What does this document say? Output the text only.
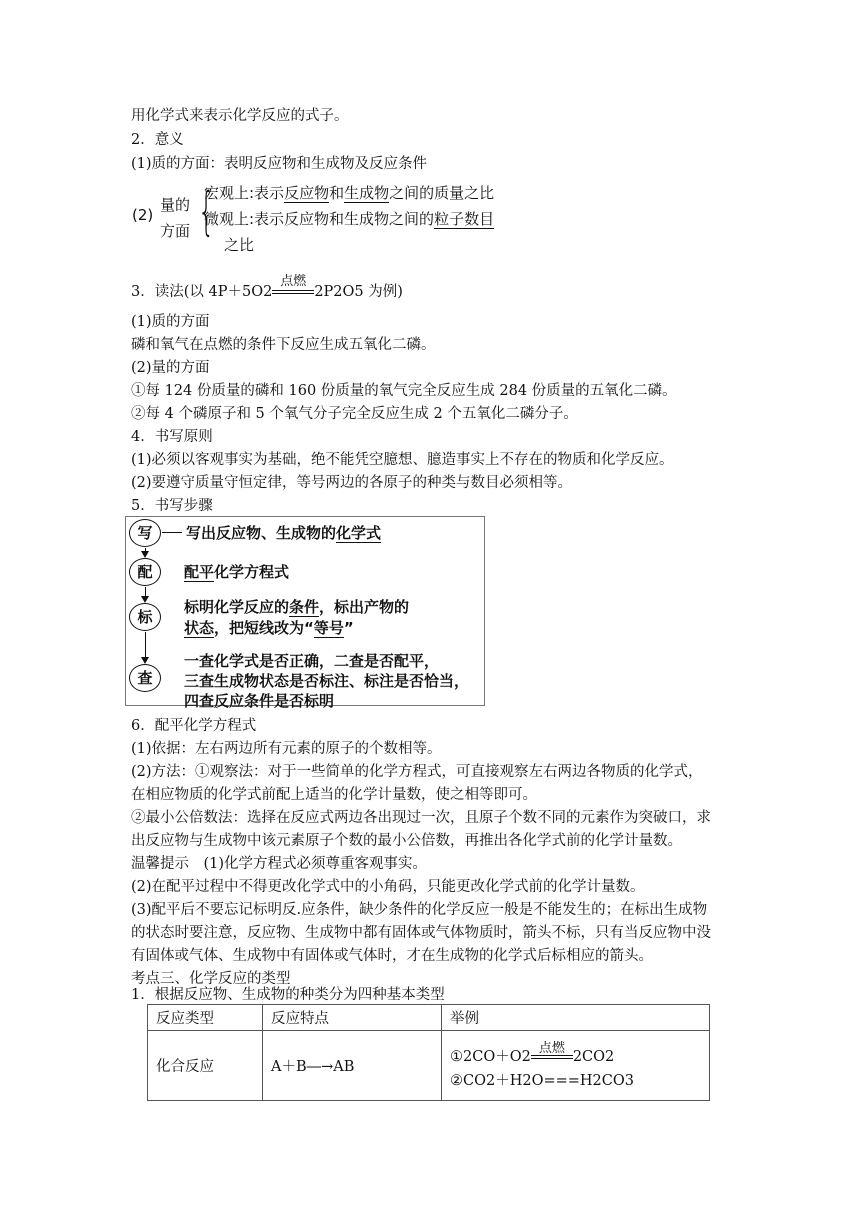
用化学式来表示化学反应的式子。
2．意义
(1)质的方面：表明反应物和生成物及反应条件
(2)
量的
方面 {
宏观上:表示反应物和生成物之间的质量之比
微观上:表示反应物和生成物之间的粒子数目
之比
3．读法(以 4P＋5O2
点燃
2P2O5 为例)
(1)质的方面
磷和氧气在点燃的条件下反应生成五氧化二磷。
(2)量的方面
①每 124 份质量的磷和 160 份质量的氧气完全反应生成 284 份质量的五氧化二磷。
②每 4 个磷原子和 5 个氧气分子完全反应生成 2 个五氧化二磷分子。
4．书写原则
(1)必须以客观事实为基础，绝不能凭空臆想、臆造事实上不存在的物质和化学反应。
(2)要遵守质量守恒定律，等号两边的各原子的种类与数目必须相等。
5．书写步骤
写
配
标
查
写出反应物、生成物的化学式
配平化学方程式
标明化学反应的条件，标出产物的
状态，把短线改为“等号”
一查化学式是否正确，二查是否配平，
三查生成物状态是否标注、标注是否恰当，
四查反应条件是否标明
6．配平化学方程式
(1)依据：左右两边所有元素的原子的个数相等。
(2)方法：①观察法：对于一些简单的化学方程式，可直接观察左右两边各物质的化学式，
在相应物质的化学式前配上适当的化学计量数，使之相等即可。
②最小公倍数法：选择在反应式两边各出现过一次，且原子个数不同的元素作为突破口，求
出反应物与生成物中该元素原子个数的最小公倍数，再推出各化学式前的化学计量数。
温馨提示　(1)化学方程式必须尊重客观事实。
(2)在配平过程中不得更改化学式中的小角码，只能更改化学式前的化学计量数。
(3)配平后不要忘记标明反.应条件，缺少条件的化学反应一般是不能发生的；在标出生成物
的状态时要注意，反应物、生成物中都有固体或气体物质时，箭头不标，只有当反应物中没
有固体或气体、生成物中有固体或气体时，才在生成物的化学式后标相应的箭头。
考点三、化学反应的类型
1．根据反应物、生成物的种类分为四种基本类型
反应类型	反应特点	举例
化合反应	A＋B―→AB	①2CO＋O2
点燃
2CO2
②CO2＋H2O===H2CO3
